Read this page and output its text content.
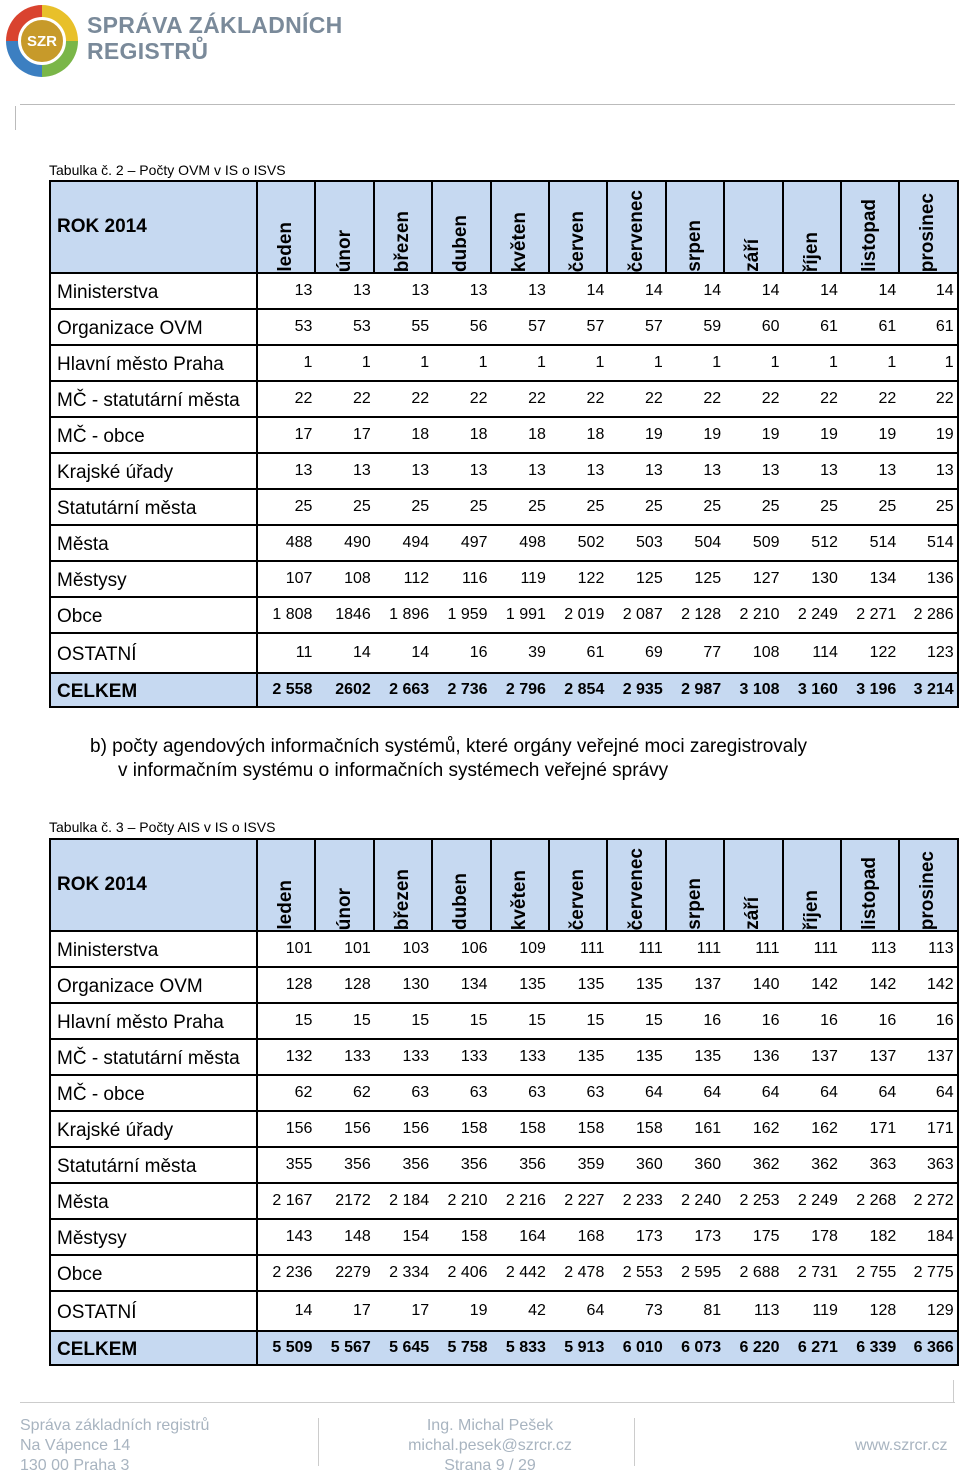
SZR
SPRÁVA ZÁKLADNÍCH
REGISTRŮ
Tabulka č. 2 – Počty OVM v IS o ISVS
ROK 2014	leden	únor	březen	duben	květen	červen	červenec	srpen	září	říjen	listopad	prosinec

Ministerstva	13	13	13	13	13	14	14	14	14	14	14	14
Organizace OVM	53	53	55	56	57	57	57	59	60	61	61	61
Hlavní město Praha	1	1	1	1	1	1	1	1	1	1	1	1
MČ - statutární města	22	22	22	22	22	22	22	22	22	22	22	22
MČ - obce	17	17	18	18	18	18	19	19	19	19	19	19
Krajské úřady	13	13	13	13	13	13	13	13	13	13	13	13
Statutární města	25	25	25	25	25	25	25	25	25	25	25	25
Města	488	490	494	497	498	502	503	504	509	512	514	514
Městysy	107	108	112	116	119	122	125	125	127	130	134	136
Obce	1 808	1846	1 896	1 959	1 991	2 019	2 087	2 128	2 210	2 249	2 271	2 286
OSTATNÍ	11	14	14	16	39	61	69	77	108	114	122	123
CELKEM	2 558	2602	2 663	2 736	2 796	2 854	2 935	2 987	3 108	3 160	3 196	3 214
b) počty agendových informačních systémů, které orgány veřejné moci zaregistrovaly
v informačním systému o informačních systémech veřejné správy
Tabulka č. 3 – Počty AIS v IS o ISVS
ROK 2014	leden	únor	březen	duben	květen	červen	červenec	srpen	září	říjen	listopad	prosinec

Ministerstva	101	101	103	106	109	111	111	111	111	111	113	113
Organizace OVM	128	128	130	134	135	135	135	137	140	142	142	142
Hlavní město Praha	15	15	15	15	15	15	15	16	16	16	16	16
MČ - statutární města	132	133	133	133	133	135	135	135	136	137	137	137
MČ - obce	62	62	63	63	63	63	64	64	64	64	64	64
Krajské úřady	156	156	156	158	158	158	158	161	162	162	171	171
Statutární města	355	356	356	356	356	359	360	360	362	362	363	363
Města	2 167	2172	2 184	2 210	2 216	2 227	2 233	2 240	2 253	2 249	2 268	2 272
Městysy	143	148	154	158	164	168	173	173	175	178	182	184
Obce	2 236	2279	2 334	2 406	2 442	2 478	2 553	2 595	2 688	2 731	2 755	2 775
OSTATNÍ	14	17	17	19	42	64	73	81	113	119	128	129
CELKEM	5 509	5 567	5 645	5 758	5 833	5 913	6 010	6 073	6 220	6 271	6 339	6 366
Správa základních registrů
Na Vápence 14
130 00 Praha 3
Ing. Michal Pešek
michal.pesek@szrcr.cz
Strana 9 / 29
www.szrcr.cz
